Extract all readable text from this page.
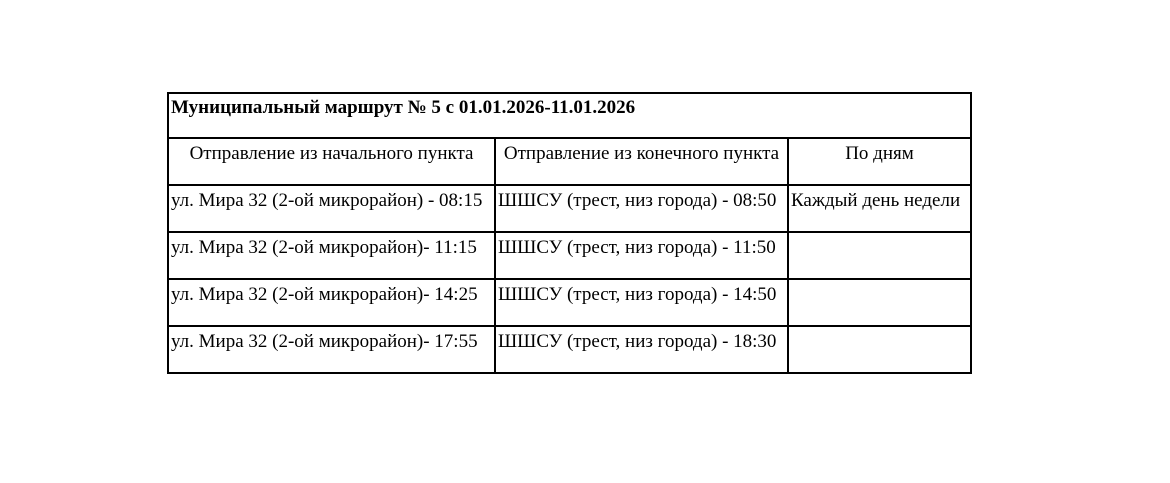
Муниципальный маршрут № 5 с 01.01.2026-11.01.2026		
Отправление из начального пункта	Отправление из конечного пункта	По дням
ул. Мира 32 (2-ой микрорайон) - 08:15	ШШСУ (трест, низ города) - 08:50	Каждый день недели
ул. Мира 32 (2-ой микрорайон)- 11:15	ШШСУ (трест, низ города) - 11:50	
ул. Мира 32 (2-ой микрорайон)- 14:25	ШШСУ (трест, низ города) - 14:50	
ул. Мира 32 (2-ой микрорайон)- 17:55	ШШСУ (трест, низ города) - 18:30	
